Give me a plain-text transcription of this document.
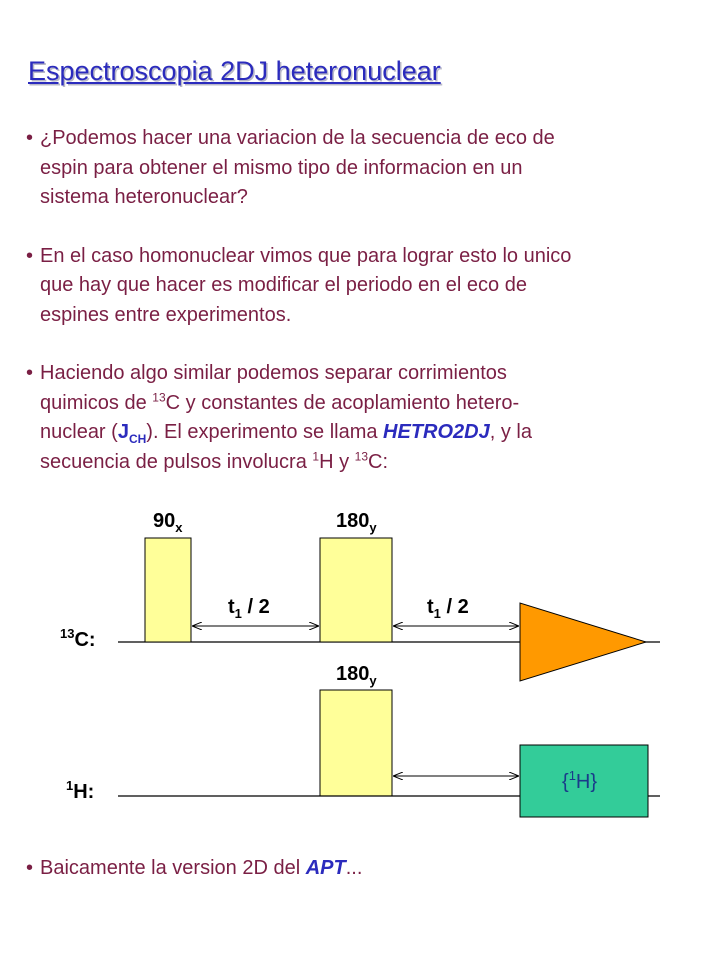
Espectroscopia 2DJ heteronuclear
• ¿Podemos hacer una variacion de la secuencia de eco de
espin para obtener el mismo tipo de informacion en un
sistema heteronuclear?
• En el caso homonuclear vimos que para lograr esto lo unico
que hay que hacer es modificar el periodo en el eco de
espines entre experimentos.
• Haciendo algo similar podemos separar corrimientos
quimicos de $^{13}$C y constantes de acoplamiento hetero-
nuclear $(J_{CH})$. El experimento se llama HETRO2DJ, y la
secuencia de pulsos involucra $^1$H y $^{13}$C:
$90_x$	$180_y$
$^{13}$C:
$t_1 / 2$	$t_1 / 2$
$180_y$
$^1$H:	{$^1$H}
• Baicamente la version 2D del APT...
